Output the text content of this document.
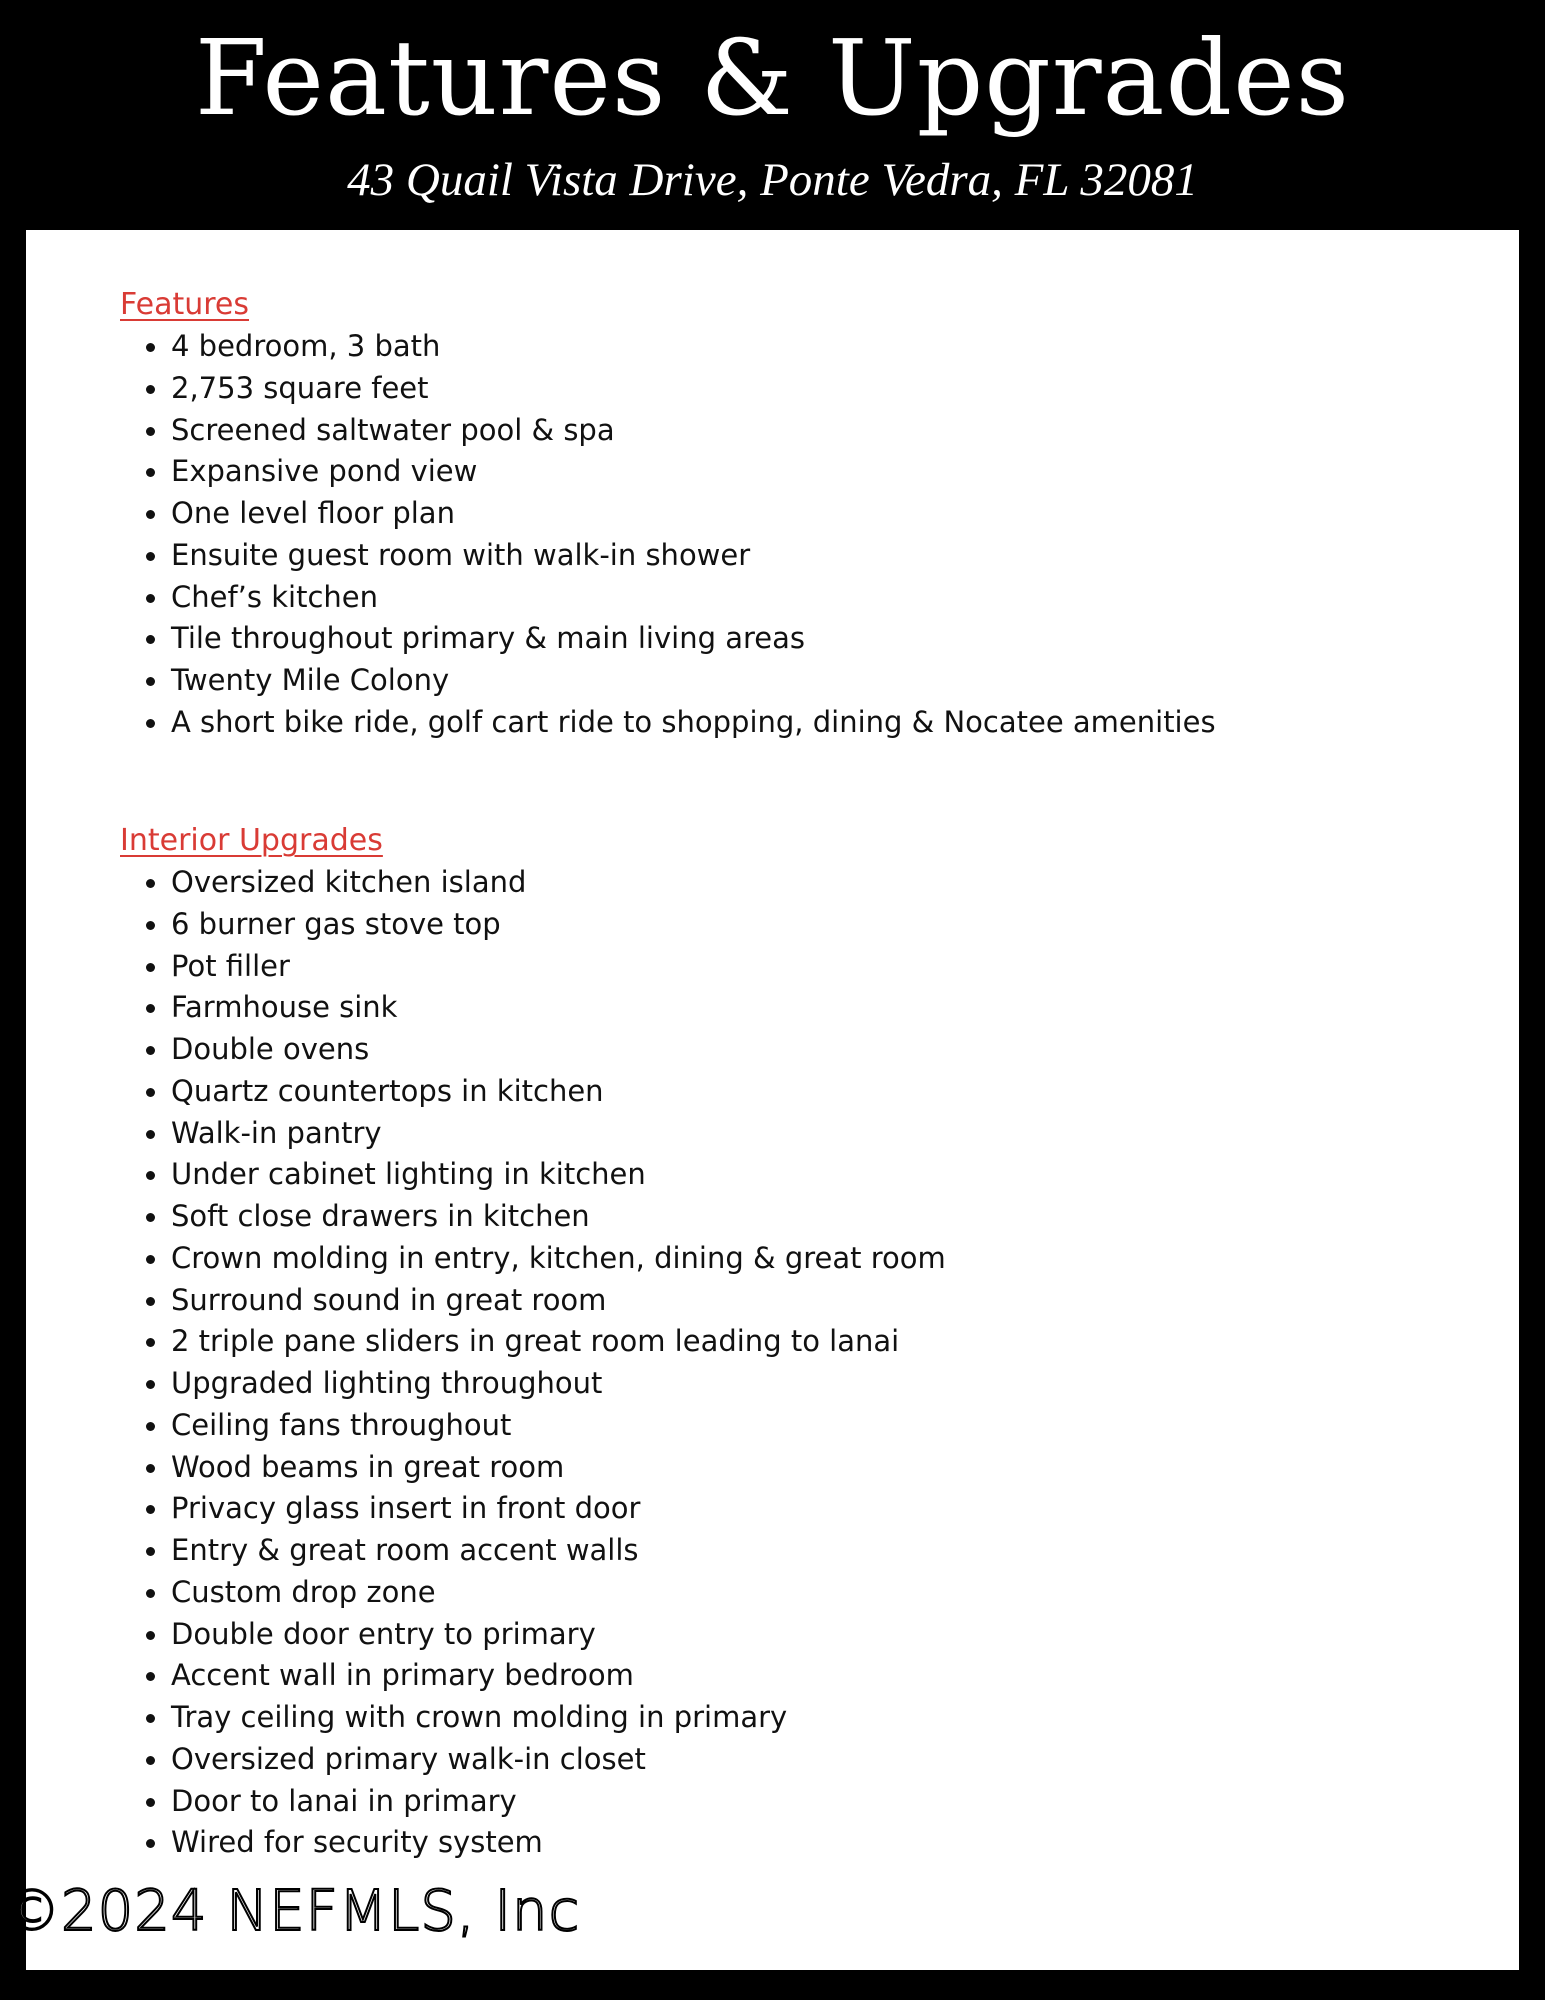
Features & Upgrades
43 Quail Vista Drive, Ponte Vedra, FL 32081
Features
4 bedroom, 3 bath
2,753 square feet
Screened saltwater pool & spa
Expansive pond view
One level floor plan
Ensuite guest room with walk-in shower
Chef’s kitchen
Tile throughout primary & main living areas
Twenty Mile Colony
A short bike ride, golf cart ride to shopping, dining & Nocatee amenities
Interior Upgrades
Oversized kitchen island
6 burner gas stove top
Pot filler
Farmhouse sink
Double ovens
Quartz countertops in kitchen
Walk-in pantry
Under cabinet lighting in kitchen
Soft close drawers in kitchen
Crown molding in entry, kitchen, dining & great room
Surround sound in great room
2 triple pane sliders in great room leading to lanai
Upgraded lighting throughout
Ceiling fans throughout
Wood beams in great room
Privacy glass insert in front door
Entry & great room accent walls
Custom drop zone
Double door entry to primary
Accent wall in primary bedroom
Tray ceiling with crown molding in primary
Oversized primary walk-in closet
Door to lanai in primary
Wired for security system
©2024 NEFMLS, Inc
